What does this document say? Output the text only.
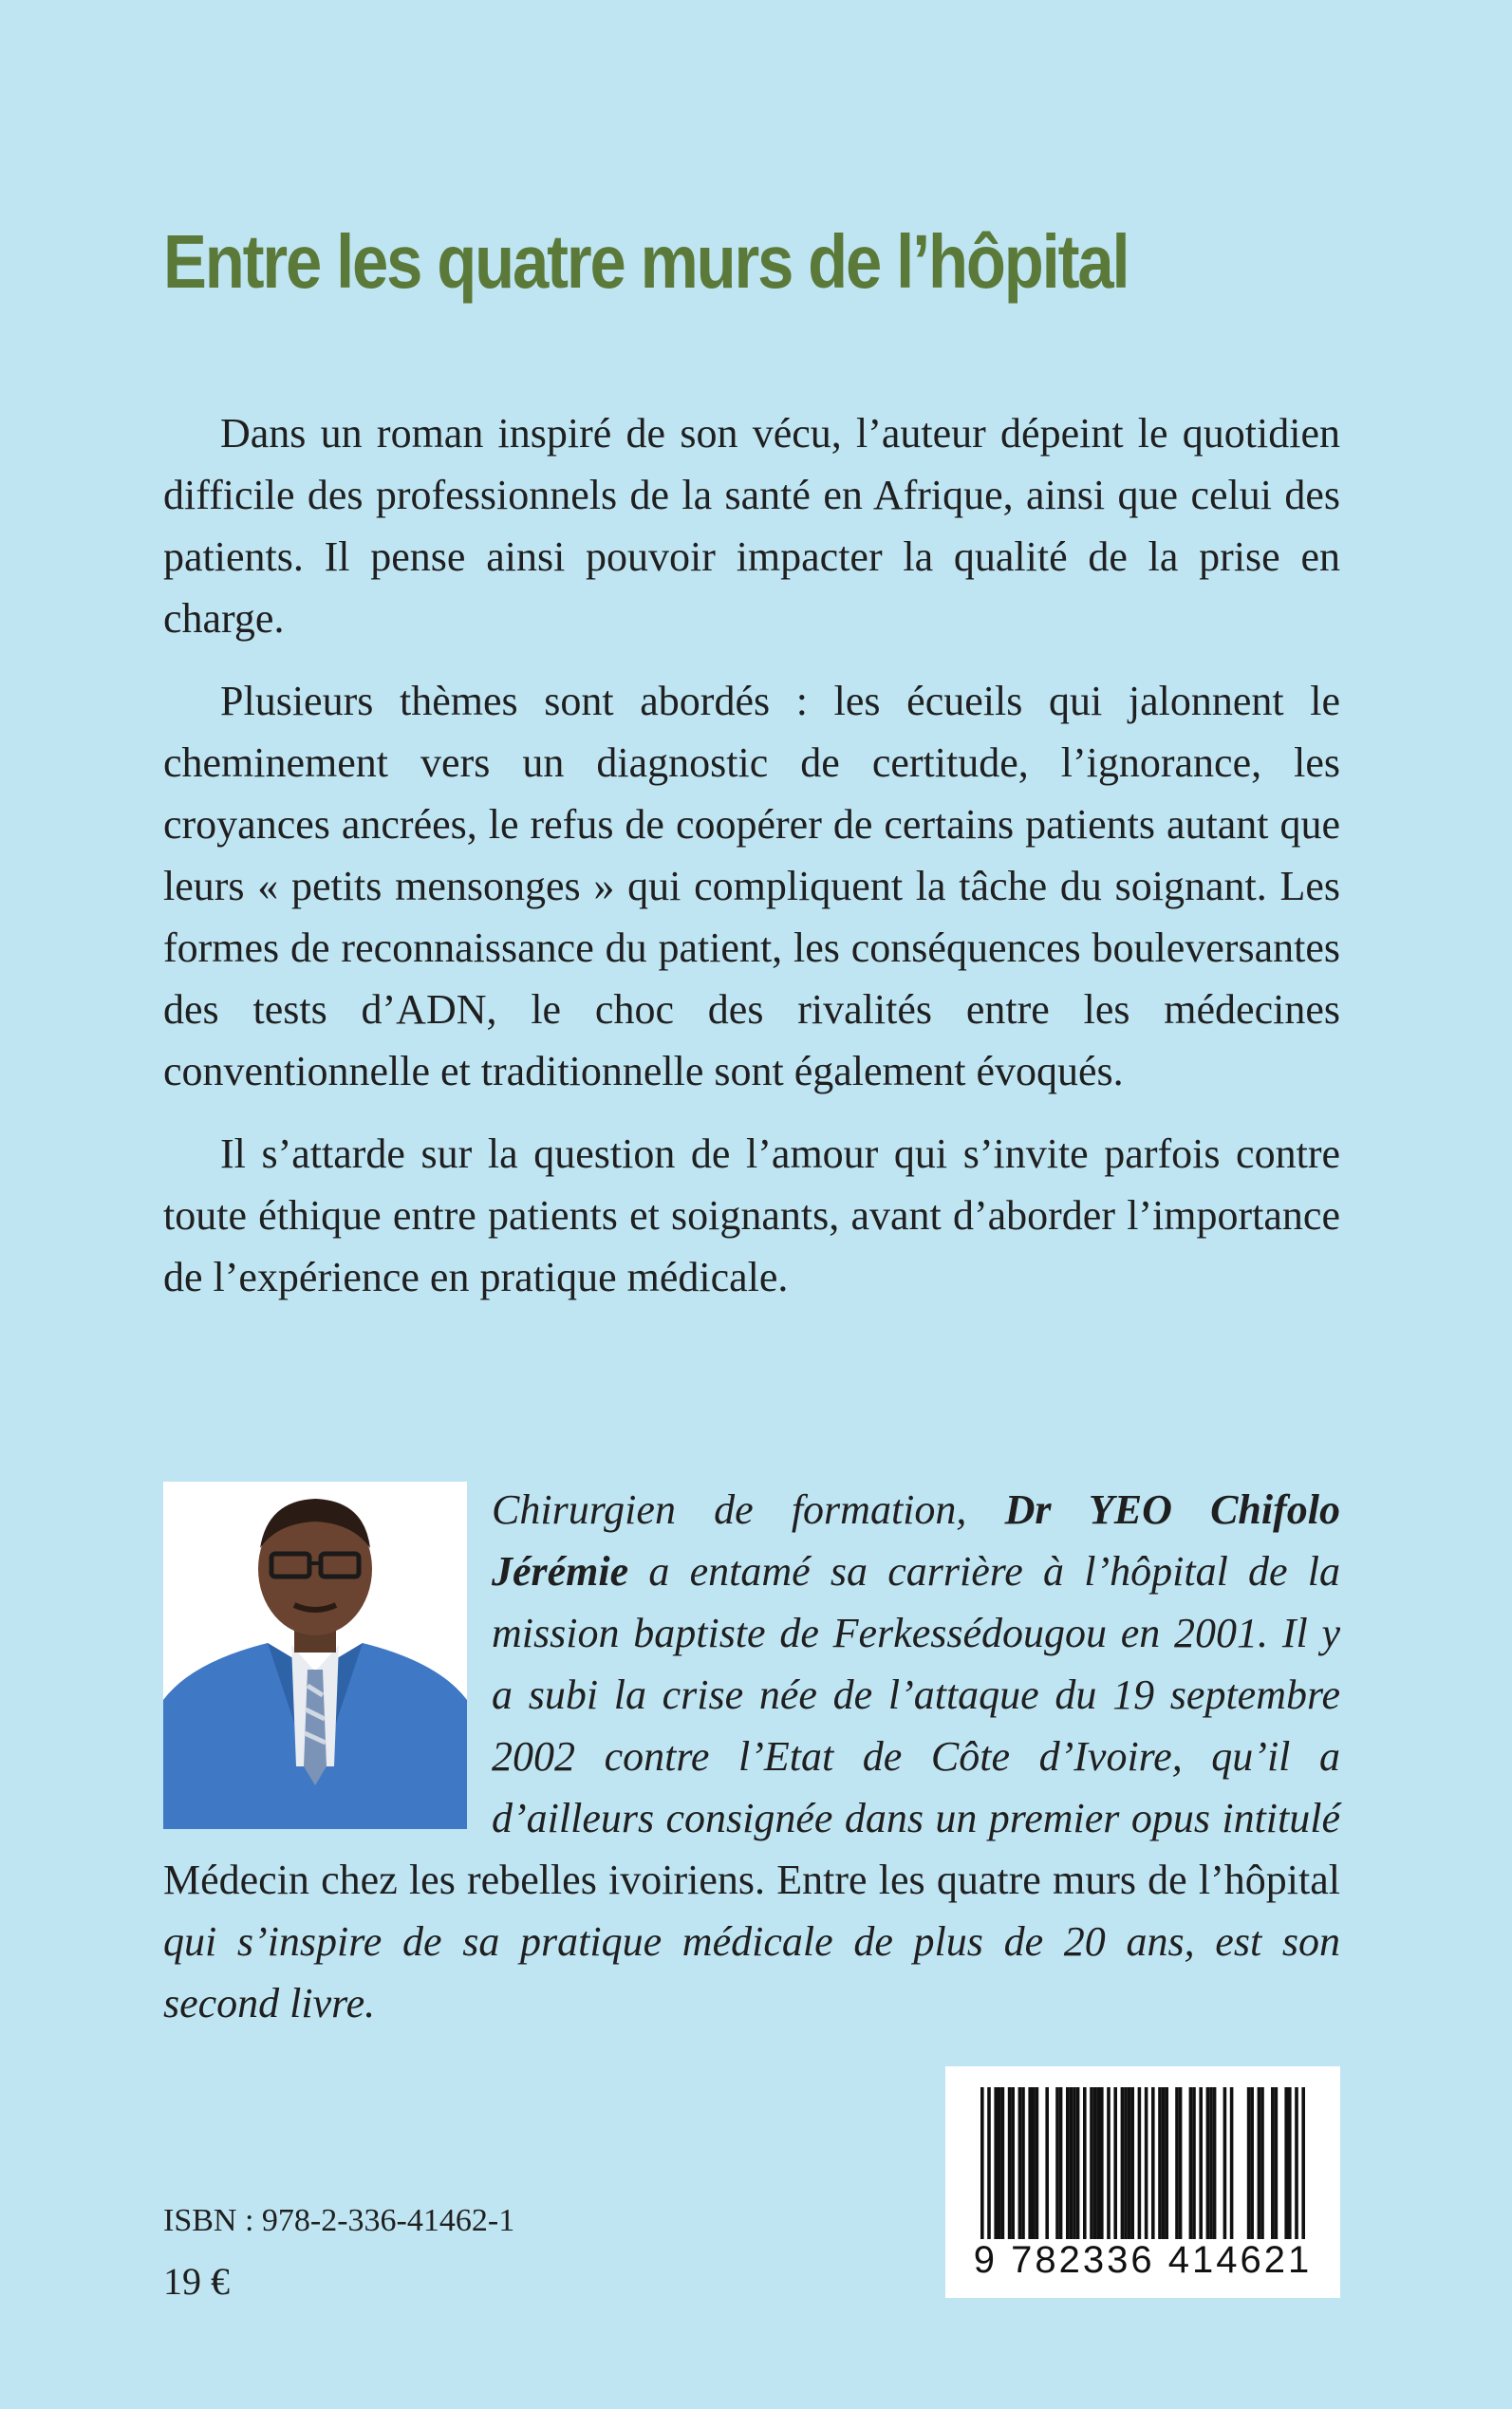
Entre les quatre murs de l’hôpital

Dans un roman inspiré de son vécu, l’auteur dépeint le quotidien difficile des professionnels de la santé en Afrique, ainsi que celui des patients. Il pense ainsi pouvoir impacter la qualité de la prise en charge.

Plusieurs thèmes sont abordés : les écueils qui jalonnent le cheminement vers un diagnostic de certitude, l’ignorance, les croyances ancrées, le refus de coopérer de certains patients autant que leurs « petits mensonges » qui compliquent la tâche du soignant. Les formes de reconnaissance du patient, les conséquences bouleversantes des tests d’ADN, le choc des rivalités entre les médecines conventionnelle et traditionnelle sont également évoqués.

Il s’attarde sur la question de l’amour qui s’invite parfois contre toute éthique entre patients et soignants, avant d’aborder l’importance de l’expérience en pratique médicale.

Chirurgien de formation, Dr YEO Chifolo Jérémie a entamé sa carrière à l’hôpital de la mission baptiste de Ferkessédougou en 2001. Il y a subi la crise née de l’attaque du 19 septembre 2002 contre l’Etat de Côte d’Ivoire, qu’il a d’ailleurs consignée dans un premier opus intitulé Médecin chez les rebelles ivoiriens. Entre les quatre murs de l’hôpital qui s’inspire de sa pratique médicale de plus de 20 ans, est son second livre.
ISBN : 978-2-336-41462-1
19 €	9 782336 414621
